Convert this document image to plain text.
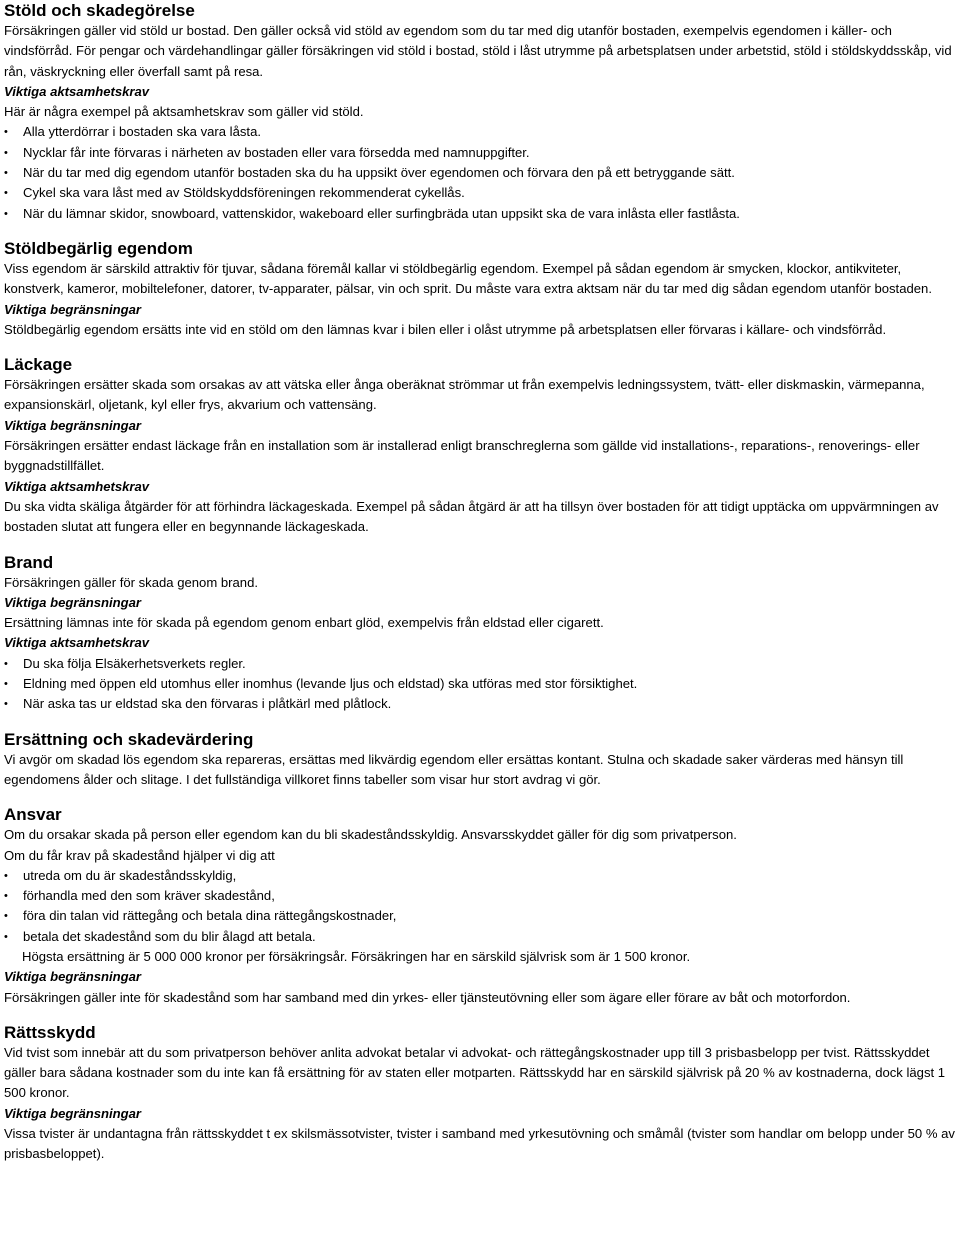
Stöld och skadegörelse

Försäkringen gäller vid stöld ur bostad. Den gäller också vid stöld av egendom som du tar med dig utanför bostaden, exempelvis egendomen i käller- och vindsförråd. För pengar och värdehandlingar gäller försäkringen vid stöld i bostad, stöld i låst utrymme på arbetsplatsen under arbetstid, stöld i stöldskyddsskåp, vid rån, väskryckning eller överfall samt på resa.

Viktiga aktsamhetskrav

Här är några exempel på aktsamhetskrav som gäller vid stöld.

• Alla ytterdörrar i bostaden ska vara låsta.
• Nycklar får inte förvaras i närheten av bostaden eller vara försedda med namnuppgifter.
• När du tar med dig egendom utanför bostaden ska du ha uppsikt över egendomen och förvara den på ett betryggande sätt.
• Cykel ska vara låst med av Stöldskyddsföreningen rekommenderat cykellås.
• När du lämnar skidor, snowboard, vattenskidor, wakeboard eller surfingbräda utan uppsikt ska de vara inlåsta eller fastlåsta.
Stöldbegärlig egendom

Viss egendom är särskild attraktiv för tjuvar, sådana föremål kallar vi stöldbegärlig egendom. Exempel på sådan egendom är smycken, klockor, antikviteter, konstverk, kameror, mobiltelefoner, datorer, tv-apparater, pälsar, vin och sprit. Du måste vara extra aktsam när du tar med dig sådan egendom utanför bostaden.

Viktiga begränsningar

Stöldbegärlig egendom ersätts inte vid en stöld om den lämnas kvar i bilen eller i olåst utrymme på arbetsplatsen eller förvaras i källare- och vindsförråd.

Läckage

Försäkringen ersätter skada som orsakas av att vätska eller ånga oberäknat strömmar ut från exempelvis ledningssystem, tvätt- eller diskmaskin, värmepanna, expansionskärl, oljetank, kyl eller frys, akvarium och vattensäng.

Viktiga begränsningar

Försäkringen ersätter endast läckage från en installation som är installerad enligt branschreglerna som gällde vid installations-, reparations-, renoverings- eller byggnadstillfället.

Viktiga aktsamhetskrav

Du ska vidta skäliga åtgärder för att förhindra läckageskada. Exempel på sådan åtgärd är att ha tillsyn över bostaden för att tidigt upptäcka om uppvärmningen av bostaden slutat att fungera eller en begynnande läckageskada.

Brand

Försäkringen gäller för skada genom brand.

Viktiga begränsningar

Ersättning lämnas inte för skada på egendom genom enbart glöd, exempelvis från eldstad eller cigarett.

Viktiga aktsamhetskrav

• Du ska följa Elsäkerhetsverkets regler.
• Eldning med öppen eld utomhus eller inomhus (levande ljus och eldstad) ska utföras med stor försiktighet.
• När aska tas ur eldstad ska den förvaras i plåtkärl med plåtlock.
Ersättning och skadevärdering

Vi avgör om skadad lös egendom ska repareras, ersättas med likvärdig egendom eller ersättas kontant. Stulna och skadade saker värderas med hänsyn till egendomens ålder och slitage. I det fullständiga villkoret finns tabeller som visar hur stort avdrag vi gör.

Ansvar

Om du orsakar skada på person eller egendom kan du bli skadeståndsskyldig. Ansvarsskyddet gäller för dig som privatperson.

Om du får krav på skadestånd hjälper vi dig att

• utreda om du är skadeståndsskyldig,
• förhandla med den som kräver skadestånd,
• föra din talan vid rättegång och betala dina rättegångskostnader,
• betala det skadestånd som du blir ålagd att betala.

Högsta ersättning är 5 000 000 kronor per försäkringsår. Försäkringen har en särskild självrisk som är 1 500 kronor.

Viktiga begränsningar

Försäkringen gäller inte för skadestånd som har samband med din yrkes- eller tjänsteutövning eller som ägare eller förare av båt och motorfordon.

Rättsskydd

Vid tvist som innebär att du som privatperson behöver anlita advokat betalar vi advokat- och rättegångskostnader upp till 3 prisbasbelopp per tvist. Rättsskyddet gäller bara sådana kostnader som du inte kan få ersättning för av staten eller motparten. Rättsskydd har en särskild självrisk på 20 % av kostnaderna, dock lägst 1 500 kronor.

Viktiga begränsningar

Vissa tvister är undantagna från rättsskyddet t ex skilsmässotvister, tvister i samband med yrkesutövning och småmål (tvister som handlar om belopp under 50 % av prisbasbeloppet).
